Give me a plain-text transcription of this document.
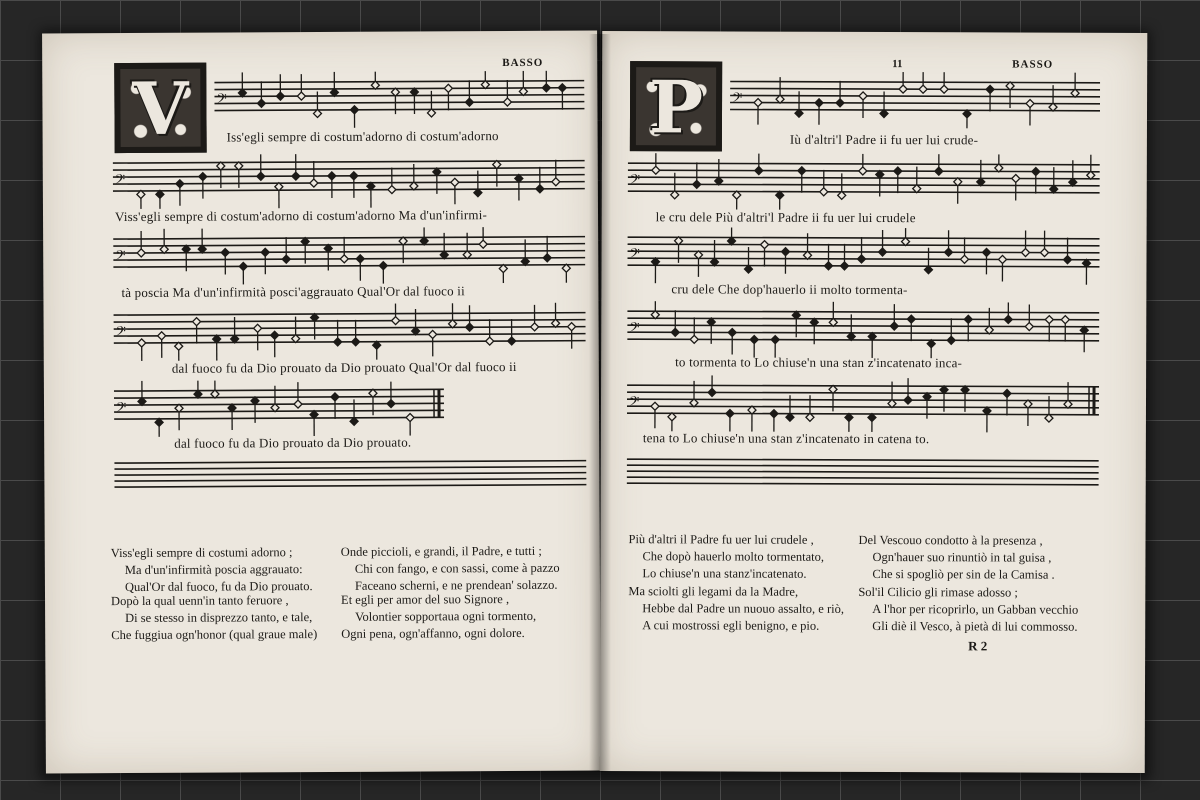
BASSO
V	𝄢
Iss'egli sempre di costum'adorno di costum'adorno
𝄢
Viss'egli sempre di costum'adorno di costum'adorno Ma d'un'infirmi-
𝄢
tà poscia Ma d'un'infirmità posci'aggrauato Qual'Or dal fuoco ii
𝄢
dal fuoco fu da Dio prouato da Dio prouato Qual'Or dal fuoco ii
𝄢
dal fuoco fu da Dio prouato da Dio prouato.
Viss'egli sempre di costumi adorno ;
Ma d'un'infirmità poscia aggrauato:
Qual'Or dal fuoco, fu da Dio prouato.
Onde piccioli, e grandi, il Padre, e tutti ;
Chi con fango, e con sassi, come à pazzo
Faceano scherni, e ne prendean' solazzo.
Dopò la qual uenn'in tanto feruore ,
Di se stesso in disprezzo tanto, e tale,
Che fuggiua ogn'honor (qual graue male)
Et egli per amor del suo Signore ,
Volontier sopportaua ogni tormento,
Ogni pena, ogn'affanno, ogni dolore.
11	BASSO
P	𝄢
Iù d'altri'l Padre ii fu uer lui crude-
𝄢
le cru dele Più d'altri'l Padre ii fu uer lui crudele
𝄢
cru dele Che dop'hauerlo ii molto tormenta-
𝄢
to tormenta to Lo chiuse'n una stan z'incatenato inca-
𝄢
tena to Lo chiuse'n una stan z'incatenato in catena to.
Più d'altri il Padre fu uer lui crudele ,
Che dopò hauerlo molto tormentato,
Lo chiuse'n una stanz'incatenato.
Del Vescouo condotto à la presenza ,
Ogn'hauer suo rinuntiò in tal guisa ,
Che si spogliò per sin de la Camisa .
Ma sciolti gli legami da la Madre,
Hebbe dal Padre un nuouo assalto, e riò,
A cui mostrossi egli benigno, e pio.
Sol'il Cilicio gli rimase adosso ;
A l'hor per ricoprirlo, un Gabban vecchio
Gli diè il Vesco, à pietà di lui commosso.
R 2
